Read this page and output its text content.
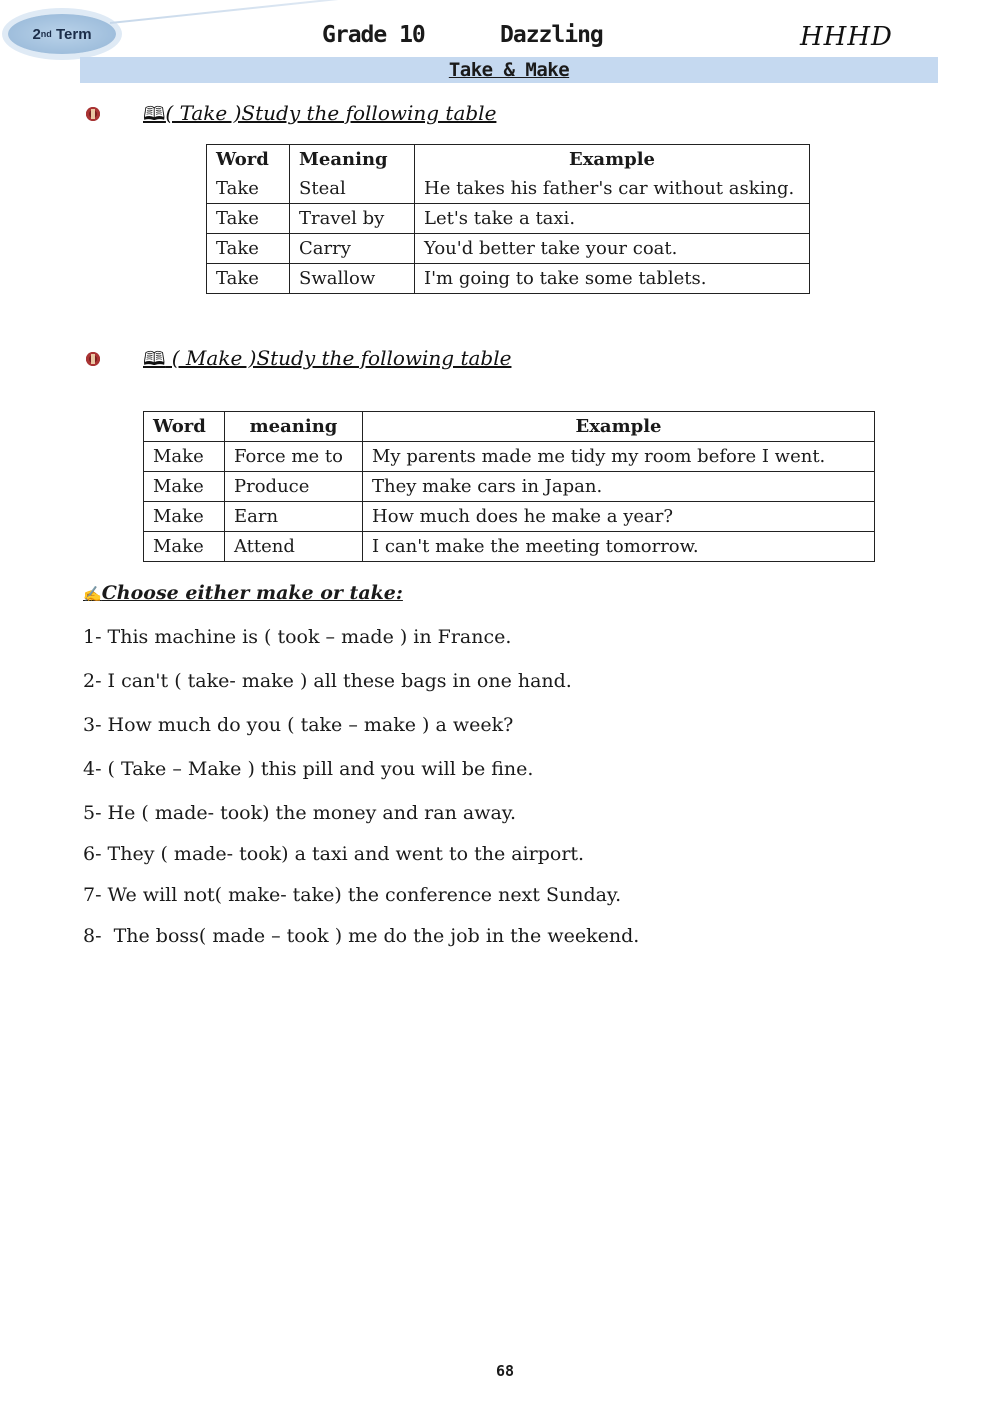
2 nd
Term	Grade 10	Dazzling	HHHD
Take & Make
🕮( Take )Study the following table
Word	Meaning	Example
Take	Steal	He takes his father's car without asking.
Take	Travel by	Let's take a taxi.
Take	Carry	You'd better take your coat.
Take	Swallow	I'm going to take some tablets.
🕮 ( Make )Study the following table
Word	meaning	Example
Make	Force me to	My parents made me tidy my room before I went.
Make	Produce	They make cars in Japan.
Make	Earn	How much does he make a year?
Make	Attend	I can't make the meeting tomorrow.
✍Choose either make or take:
1- This machine is ( took – made ) in France.
2- I can't ( take- make ) all these bags in one hand.
3- How much do you ( take – make ) a week?
4- ( Take – Make ) this pill and you will be fine.
5- He ( made- took) the money and ran away.
6- They ( made- took) a taxi and went to the airport.
7- We will not( make- take) the conference next Sunday.
8-  The boss( made – took ) me do the job in the weekend.
68
